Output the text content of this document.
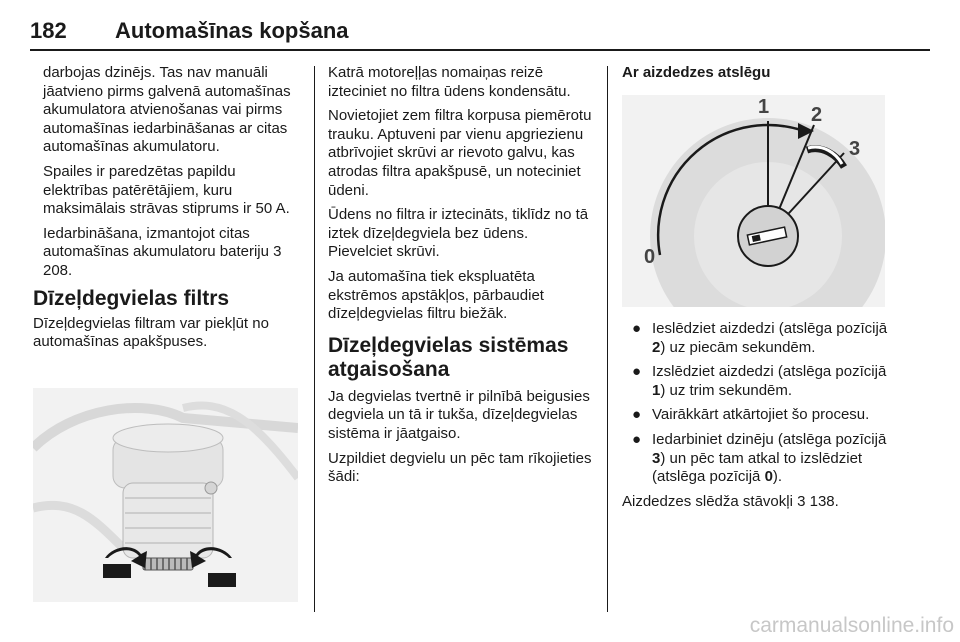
182 Automašīnas kopšana

darbojas dzinējs. Tas nav manuāli jāatvieno pirms galvenā automašīnas akumulatora atvienošanas vai pirms automašīnas iedarbināšanas ar citas automašīnas akumulatoru.

Spailes ir paredzētas papildu elektrības patērētājiem, kuru maksimālais strāvas stiprums ir 50 A.

Iedarbināšana, izmantojot citas automašīnas akumulatoru bateriju 3 208.

Dīzeļdegvielas filtrs

Dīzeļdegvielas filtram var piekļūt no automašīnas apakšpuses.

Katrā motoreļļas nomaiņas reizē izteciniet no filtra ūdens kondensātu.

Novietojiet zem filtra korpusa piemērotu trauku. Aptuveni par vienu apgriezienu atbrīvojiet skrūvi ar rievoto galvu, kas atrodas filtra apakšpusē, un noteciniet ūdeni.

Ūdens no filtra ir iztecināts, tiklīdz no tā iztek dīzeļdegviela bez ūdens. Pievelciet skrūvi.

Ja automašīna tiek ekspluatēta ekstrēmos apstākļos, pārbaudiet dīzeļdegvielas filtru biežāk.

Dīzeļdegvielas sistēmas atgaisošana

Ja degvielas tvertnē ir pilnībā beigusies degviela un tā ir tukša, dīzeļdegvielas sistēma ir jāatgaiso.

Uzpildiet degvielu un pēc tam rīkojieties šādi:

Ar aizdedzes atslēgu
1 2
3
0
● Ieslēdziet aizdedzi (atslēga pozīcijā 2) uz piecām sekundēm.
● Izslēdziet aizdedzi (atslēga pozīcijā 1) uz trim sekundēm.
● Vairākkārt atkārtojiet šo procesu.
● Iedarbiniet dzinēju (atslēga pozīcijā 3) un pēc tam atkal to izslēdziet (atslēga pozīcijā 0).

Aizdedzes slēdža stāvokļi 3 138.

carmanualsonline.info
